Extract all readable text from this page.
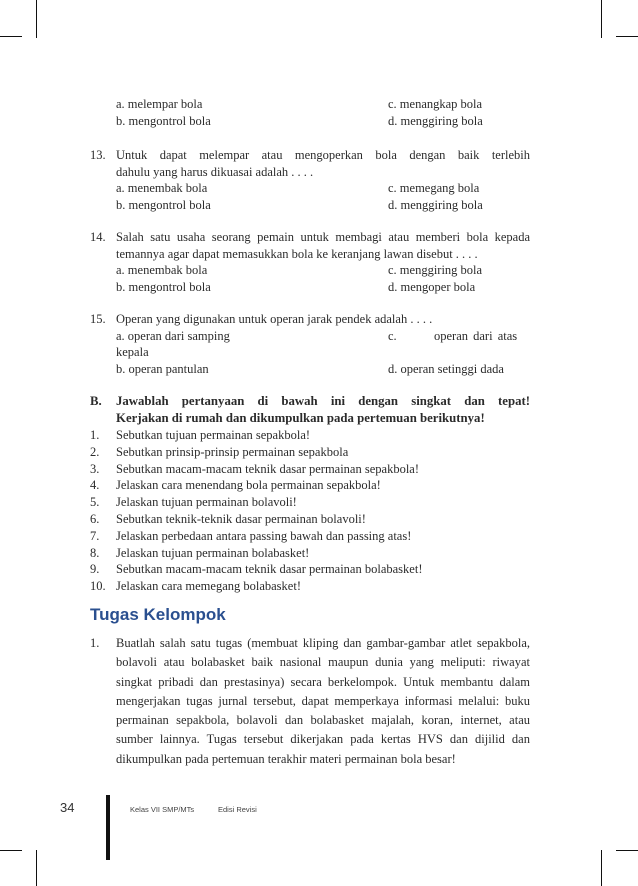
a. melempar bola	c. menangkap bola
b. mengontrol bola	d. menggiring bola
13. Untuk dapat melempar atau mengoperkan bola dengan baik terlebih
dahulu yang harus dikuasai adalah . . . .
a. menembak bola	c. memegang bola
b. mengontrol bola	d. menggiring bola
14. Salah satu usaha seorang pemain untuk membagi atau memberi bola kepada
temannya agar dapat memasukkan bola ke keranjang lawan disebut . . . .
a. menembak bola	c. menggiring bola
b. mengontrol bola	d. mengoper bola
15. Operan yang digunakan untuk operan jarak pendek adalah . . . .
a. operan dari samping	c.	operan dari atas
kepala
b. operan pantulan	d. operan setinggi dada
B. Jawablah pertanyaan di bawah ini dengan singkat dan tepat!
Kerjakan di rumah dan dikumpulkan pada pertemuan berikutnya!
1. Sebutkan tujuan permainan sepakbola!
2. Sebutkan prinsip-prinsip permainan sepakbola
3. Sebutkan macam-macam teknik dasar permainan sepakbola!
4. Jelaskan cara menendang bola permainan sepakbola!
5. Jelaskan tujuan permainan bolavoli!
6. Sebutkan teknik-teknik dasar permainan bolavoli!
7. Jelaskan perbedaan antara passing bawah dan passing atas!
8. Jelaskan tujuan permainan bolabasket!
9. Sebutkan macam-macam teknik dasar permainan bolabasket!
10. Jelaskan cara memegang bolabasket!
Tugas Kelompok
1. Buatlah salah satu tugas (membuat kliping dan gambar-gambar atlet sepakbola, bolavoli atau bolabasket baik nasional maupun dunia yang meliputi: riwayat singkat pribadi dan prestasinya) secara berkelompok. Untuk membantu dalam mengerjakan tugas jurnal tersebut, dapat memperkaya informasi melalui: buku permainan sepakbola, bolavoli dan bolabasket majalah, koran, internet, atau sumber lainnya. Tugas tersebut dikerjakan pada kertas HVS dan dijilid dan dikumpulkan pada pertemuan terakhir materi permainan bola besar!
34	Kelas VII SMP/MTs	Edisi Revisi
